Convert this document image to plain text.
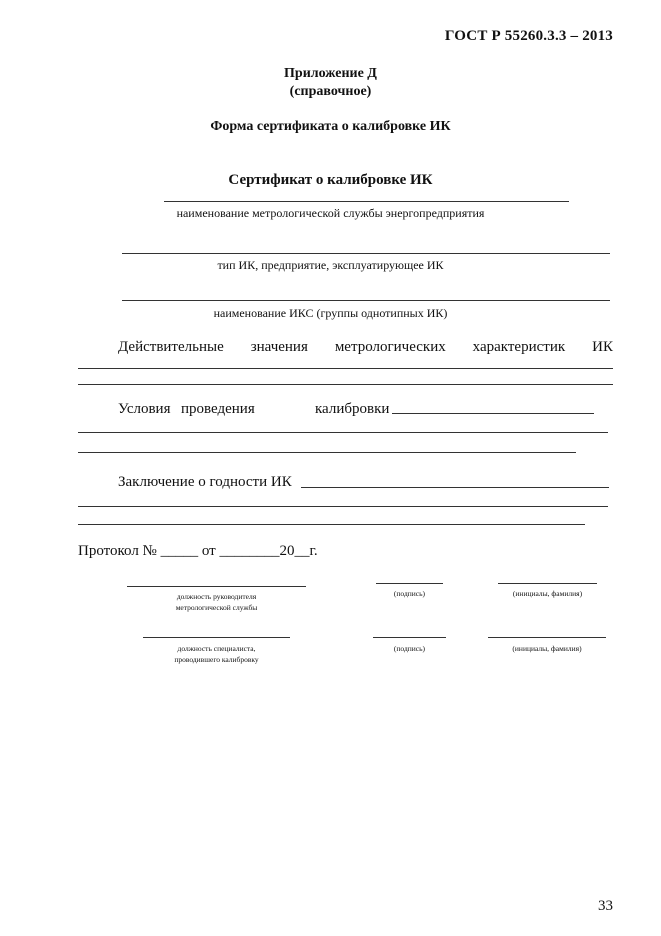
ГОСТ Р 55260.3.3 – 2013
Приложение Д
(справочное)
Форма сертификата о калибровке ИК
Сертификат о калибровке ИК
наименование метрологической службы энергопредприятия
тип ИК, предприятие, эксплуатирующее ИК
наименование ИКС (группы однотипных ИК)
Действительные значения метрологических характеристик ИК
Условия проведения	калибровки
Заключение о годности ИК
Протокол № _____ от ________20__г.
должность руководителя
метрологической службы
(подпись)	(инициалы, фамилия)
должность специалиста,
проводившего калибровку
(подпись)	(инициалы, фамилия)
33
